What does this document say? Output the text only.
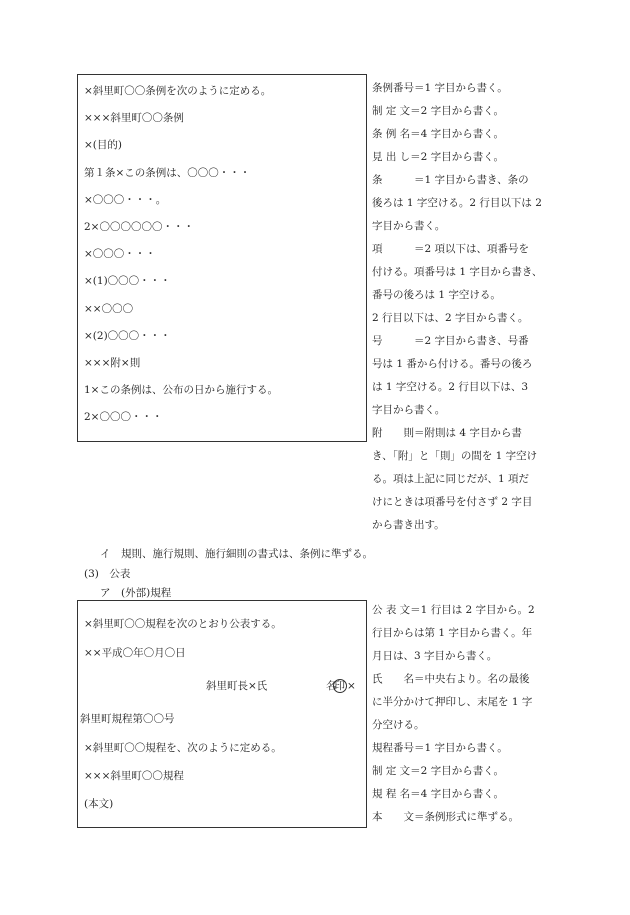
×斜里町〇〇条例を次のように定める。
×××斜里町〇〇条例
×(目的)
第１条×この条例は、〇〇〇・・・
×〇〇〇・・・。
2×〇〇〇〇〇〇・・・
×〇〇〇・・・
×(1)〇〇〇・・・
××〇〇〇
×(2)〇〇〇・・・
×××附×則
1×この条例は、公布の日から施行する。
2×〇〇〇・・・
条例番号＝1 字目から書く。
制 定 文＝2 字目から書く。
条 例 名＝4 字目から書く。
見 出 し＝2 字目から書く。
条　　　＝1 字目から書き、条の
後ろは 1 字空ける。2 行目以下は 2
字目から書く。
項　　　＝2 項以下は、項番号を
付ける。項番号は 1 字目から書き、
番号の後ろは 1 字空ける。
2 行目以下は、2 字目から書く。
号　　　＝2 字目から書き、号番
号は 1 番から付ける。番号の後ろ
は 1 字空ける。2 行目以下は、3
字目から書く。
附　　則＝附則は 4 字目から書
き、「附」と「則」の間を 1 字空け
る。項は上記に同じだが、1 項だ
けにときは項番号を付さず 2 字目
から書き出す。
イ　規則、施行規則、施行細則の書式は、条例に準ずる。
(3)　公表
ア　(外部)規程
×斜里町〇〇規程を次のとおり公表する。
××平成〇年〇月〇日
斜里町長×氏	名印 ×
斜里町規程第〇〇号
×斜里町〇〇規程を、次のように定める。
×××斜里町〇〇規程
(本文)
公 表 文＝1 行目は 2 字目から。2
行目からは第 1 字目から書く。年
月日は、3 字目から書く。
氏　　名＝中央右より。名の最後
に半分かけて押印し、末尾を 1 字
分空ける。
規程番号＝1 字目から書く。
制 定 文＝2 字目から書く。
規 程 名＝4 字目から書く。
本　　文＝条例形式に準ずる。
